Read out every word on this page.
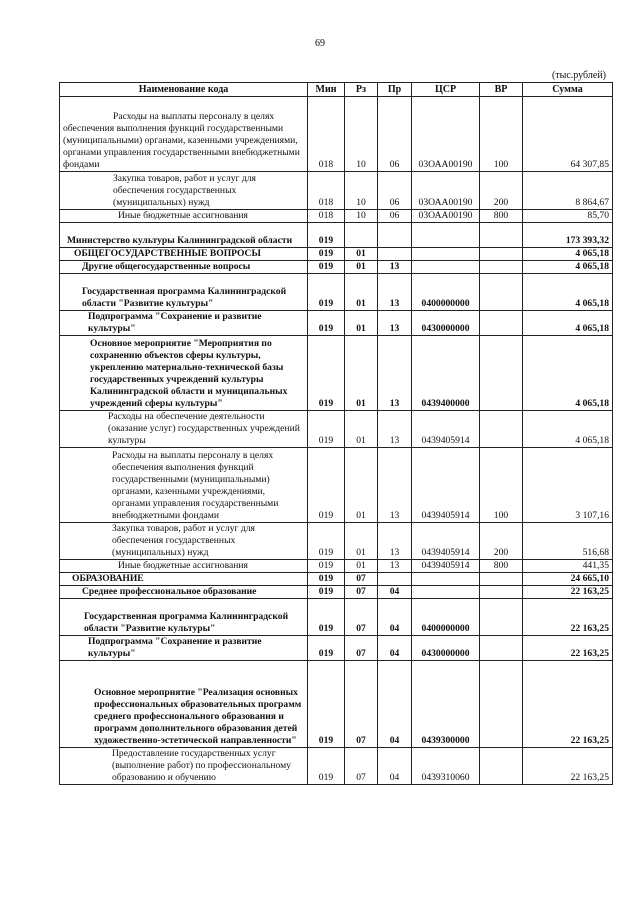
69
(тыс.рублей)
Наименование кода	Мин	Рз	Пр	ЦСР	ВР	Сумма

Расходы на выплаты персоналу в целях обеспечения выполнения функций государственными (муниципальными) органами, казенными учреждениями, органами управления государственными внебюджетными фондами	018	10	06	03ОАА00190	100	64 307,85
Закупка товаров, работ и услуг для обеспечения государственных (муниципальных) нужд	018	10	06	03ОАА00190	200	8 864,67
Иные бюджетные ассигнования	018	10	06	03ОАА00190	800	85,70
Министерство культуры Калининградской области	019					173 393,32
ОБЩЕГОСУДАРСТВЕННЫЕ ВОПРОСЫ	019	01				4 065,18
Другие общегосударственные вопросы	019	01	13			4 065,18
Государственная программа Калининградской области "Развитие культуры"	019	01	13	0400000000		4 065,18
Подпрограмма "Сохранение и развитие культуры"	019	01	13	0430000000		4 065,18
Основное мероприятие "Мероприятия по сохранению объектов сферы культуры, укреплению материально-технической базы государственных учреждений культуры Калининградской области и муниципальных учреждений сферы культуры"	019	01	13	0439400000		4 065,18
Расходы на обеспечение деятельности (оказание услуг) государственных учреждений культуры	019	01	13	0439405914		4 065,18
Расходы на выплаты персоналу в целях обеспечения выполнения функций государственными (муниципальными) органами, казенными учреждениями, органами управления государственными внебюджетными фондами	019	01	13	0439405914	100	3 107,16
Закупка товаров, работ и услуг для обеспечения государственных (муниципальных) нужд	019	01	13	0439405914	200	516,68
Иные бюджетные ассигнования	019	01	13	0439405914	800	441,35
ОБРАЗОВАНИЕ	019	07				24 665,10
Среднее профессиональное образование	019	07	04			22 163,25
Государственная программа Калининградской области "Развитие культуры"	019	07	04	0400000000		22 163,25
Подпрограмма "Сохранение и развитие культуры"	019	07	04	0430000000		22 163,25
Основное мероприятие "Реализация основных профессиональных образовательных программ среднего профессионального образования и программ дополнительного образования детей художественно-эстетической направленности"	019	07	04	0439300000		22 163,25
Предоставление государственных услуг (выполнение работ) по профессиональному образованию и обучению	019	07	04	0439310060		22 163,25
